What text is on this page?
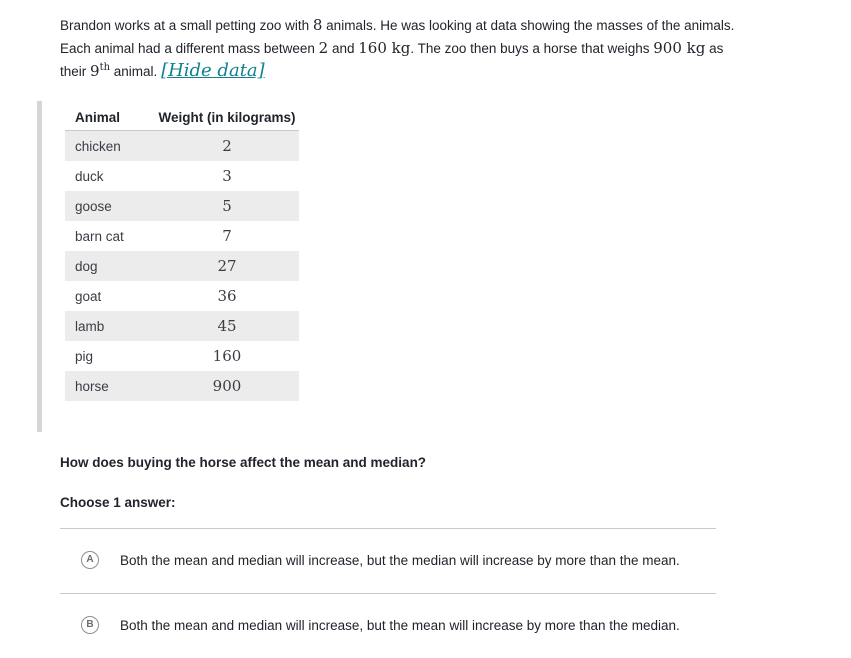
Brandon works at a small petting zoo with 8 animals. He was looking at data showing the masses of the animals. Each animal had a different mass between 2 and 160 kg. The zoo then buys a horse that weighs 900 kg as their 9th animal. [Hide data]
Animal	Weight (in kilograms)
chicken	2
duck	3
goose	5
barn cat	7
dog	27
goat	36
lamb	45
pig	160
horse	900
How does buying the horse affect the mean and median?
Choose 1 answer:
A	Both the mean and median will increase, but the median will increase by more than the mean.
B	Both the mean and median will increase, but the mean will increase by more than the median.
